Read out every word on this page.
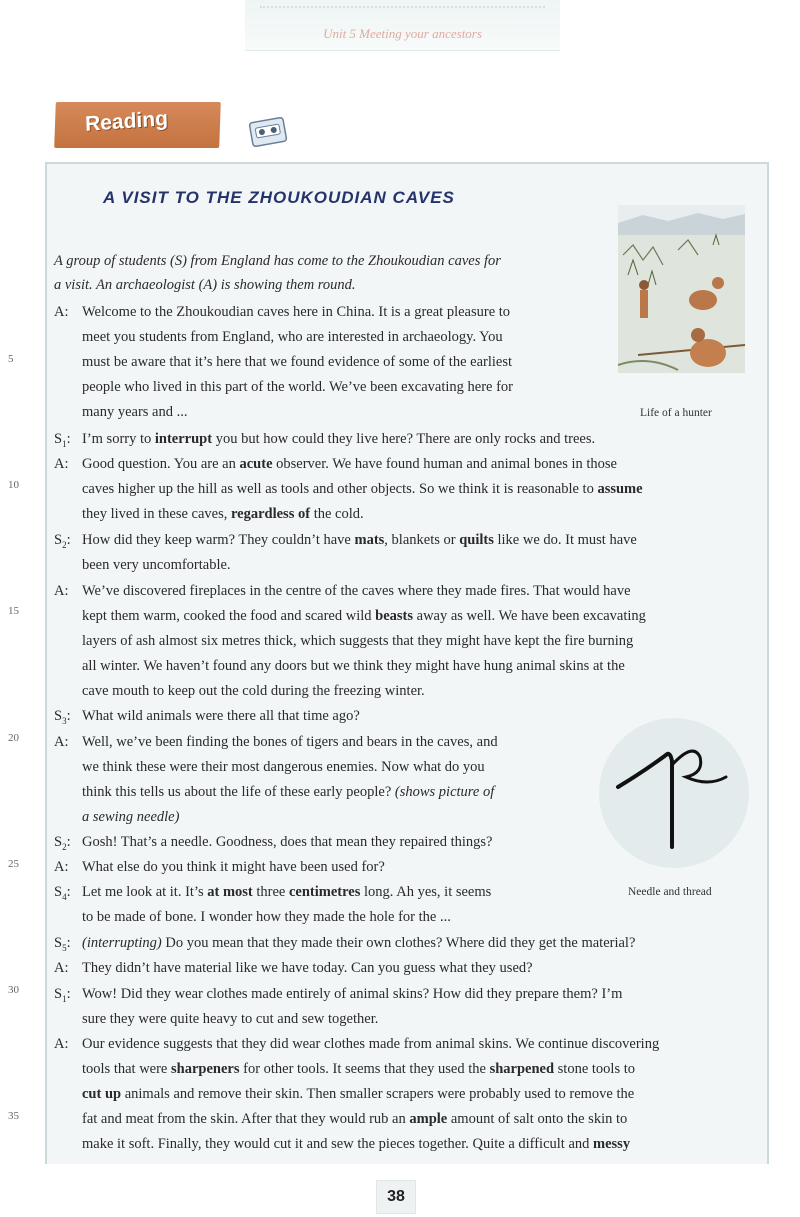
Unit 5 Meeting your ancestors
Reading
A VISIT TO THE ZHOUKOUDIAN CAVES
Life of a hunter
Needle and thread
A group of students (S) from England has come to the Zhoukoudian caves for
a visit. An archaeologist (A) is showing them round.
5
10
15
20
25
30
35
A: Welcome to the Zhoukoudian caves here in China. It is a great pleasure to
meet you students from England, who are interested in archaeology. You
must be aware that it’s here that we found evidence of some of the earliest
people who lived in this part of the world. We’ve been excavating here for
many years and ...
$S_1$: I’m sorry to interrupt you but how could they live here? There are only rocks and trees.
A: Good question. You are an acute observer. We have found human and animal bones in those
caves higher up the hill as well as tools and other objects. So we think it is reasonable to assume
they lived in these caves, regardless of the cold.
$S_2$: How did they keep warm? They couldn’t have mats, blankets or quilts like we do. It must have
been very uncomfortable.
A: We’ve discovered fireplaces in the centre of the caves where they made fires. That would have
kept them warm, cooked the food and scared wild beasts away as well. We have been excavating
layers of ash almost six metres thick, which suggests that they might have kept the fire burning
all winter. We haven’t found any doors but we think they might have hung animal skins at the
cave mouth to keep out the cold during the freezing winter.
$S_3$: What wild animals were there all that time ago?
A: Well, we’ve been finding the bones of tigers and bears in the caves, and
we think these were their most dangerous enemies. Now what do you
think this tells us about the life of these early people? (shows picture of
a sewing needle)
$S_2$: Gosh! That’s a needle. Goodness, does that mean they repaired things?
A: What else do you think it might have been used for?
$S_4$: Let me look at it. It’s at most three centimetres long. Ah yes, it seems
to be made of bone. I wonder how they made the hole for the ...
$S_5$: (interrupting) Do you mean that they made their own clothes? Where did they get the material?
A: They didn’t have material like we have today. Can you guess what they used?
$S_1$: Wow! Did they wear clothes made entirely of animal skins? How did they prepare them? I’m
sure they were quite heavy to cut and sew together.
A: Our evidence suggests that they did wear clothes made from animal skins. We continue discovering
tools that were sharpeners for other tools. It seems that they used the sharpened stone tools to
cut up animals and remove their skin. Then smaller scrapers were probably used to remove the
fat and meat from the skin. After that they would rub an ample amount of salt onto the skin to
make it soft. Finally, they would cut it and sew the pieces together. Quite a difficult and messy
38
